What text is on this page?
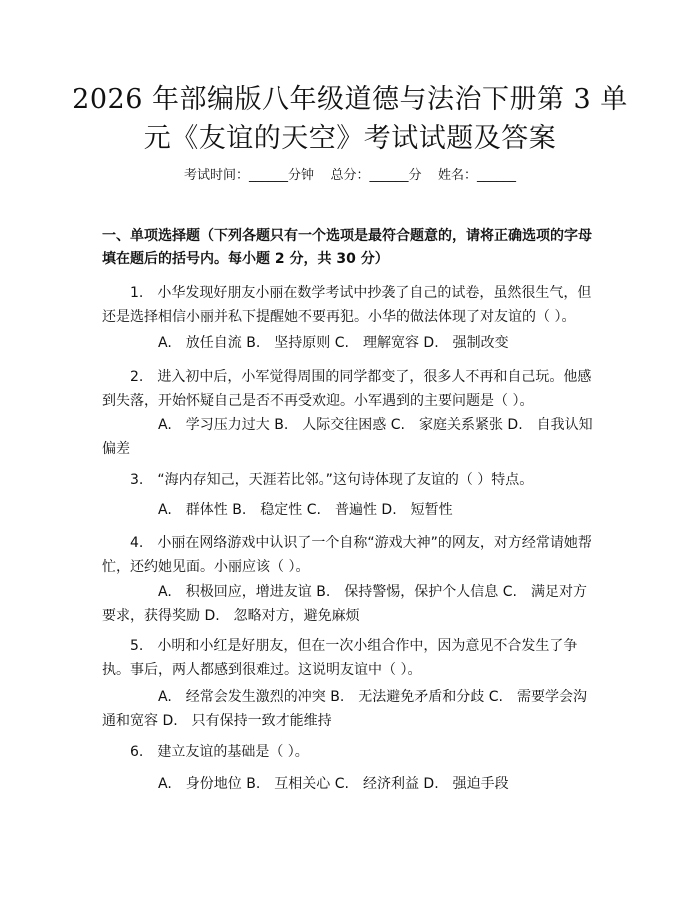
2026 年部编版八年级道德与法治下册第 3 单元《友谊的天空》考试试题及答案
考试时间：______分钟    总分：______分    姓名：______
一、单项选择题（下列各题只有一个选项是最符合题意的，请将正确选项的字母填在题后的括号内。每小题 2 分，共 30 分）
1.　小华发现好朋友小丽在数学考试中抄袭了自己的试卷，虽然很生气，但还是选择相信小丽并私下提醒她不要再犯。小华的做法体现了对友谊的（ ）。
A.　放任自流 B.　坚持原则 C.　理解宽容 D.　强制改变
2.　进入初中后，小军觉得周围的同学都变了，很多人不再和自己玩。他感到失落，开始怀疑自己是否不再受欢迎。小军遇到的主要问题是（ ）。
A.　学习压力过大 B.　人际交往困惑 C.　家庭关系紧张 D.　自我认知偏差
3.　“海内存知己，天涯若比邻。”这句诗体现了友谊的（ ）特点。
A.　群体性 B.　稳定性 C.　普遍性 D.　短暂性
4.　小丽在网络游戏中认识了一个自称“游戏大神”的网友，对方经常请她帮忙，还约她见面。小丽应该（ ）。
A.　积极回应，增进友谊 B.　保持警惕，保护个人信息 C.　满足对方要求，获得奖励 D.　忽略对方，避免麻烦
5.　小明和小红是好朋友，但在一次小组合作中，因为意见不合发生了争执。事后，两人都感到很难过。这说明友谊中（ ）。
A.　经常会发生激烈的冲突 B.　无法避免矛盾和分歧 C.　需要学会沟通和宽容 D.　只有保持一致才能维持
6.　建立友谊的基础是（ ）。
A.　身份地位 B.　互相关心 C.　经济利益 D.　强迫手段
